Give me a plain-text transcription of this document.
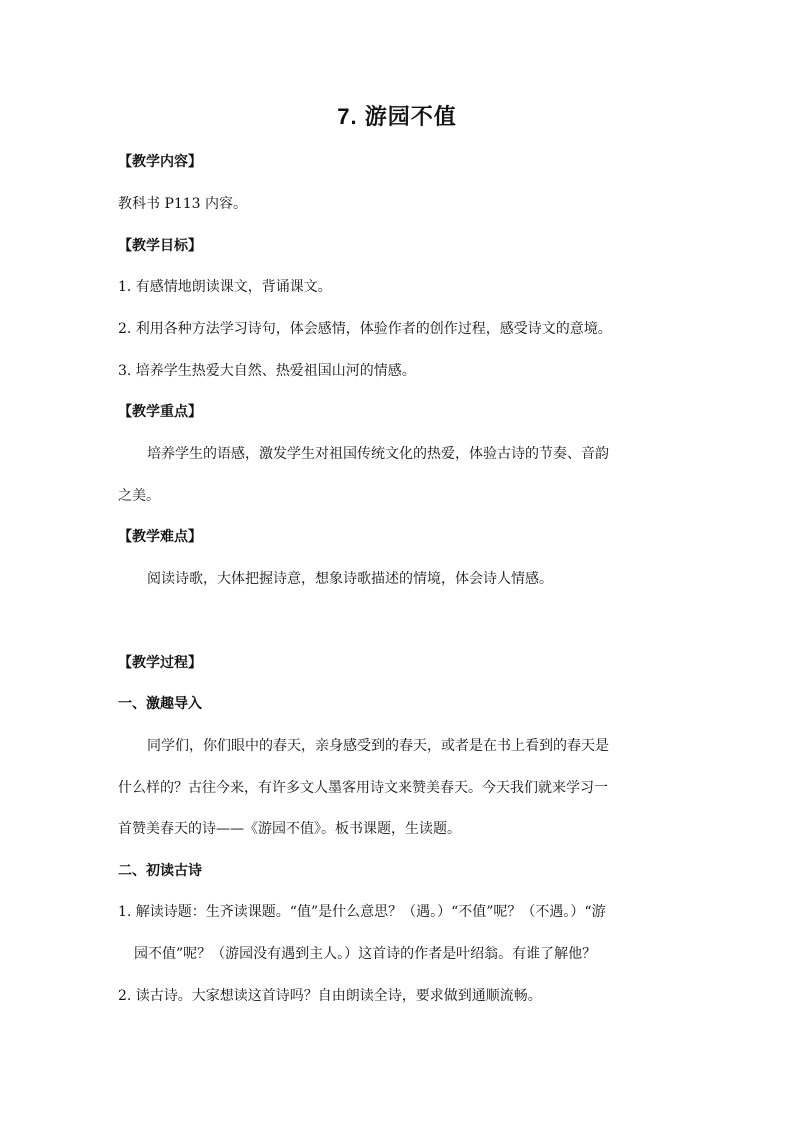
7. 游园不值
【教学内容】
教科书 P113 内容。
【教学目标】
1. 有感情地朗读课文，背诵课文。
2. 利用各种方法学习诗句，体会感情，体验作者的创作过程，感受诗文的意境。
3. 培养学生热爱大自然、热爱祖国山河的情感。
【教学重点】
培养学生的语感，激发学生对祖国传统文化的热爱，体验古诗的节奏、音韵
之美。
【教学难点】
阅读诗歌，大体把握诗意，想象诗歌描述的情境，体会诗人情感。
【教学过程】
一、激趣导入
同学们，你们眼中的春天，亲身感受到的春天，或者是在书上看到的春天是
什么样的？古往今来，有许多文人墨客用诗文来赞美春天。今天我们就来学习一
首赞美春天的诗——《游园不值》。板书课题，生读题。
二、初读古诗
1. 解读诗题：生齐读课题。“值”是什么意思？（遇。）“不值”呢？（不遇。）“游
园不值”呢？（游园没有遇到主人。）这首诗的作者是叶绍翁。有谁了解他？
2. 读古诗。大家想读这首诗吗？自由朗读全诗，要求做到通顺流畅。
